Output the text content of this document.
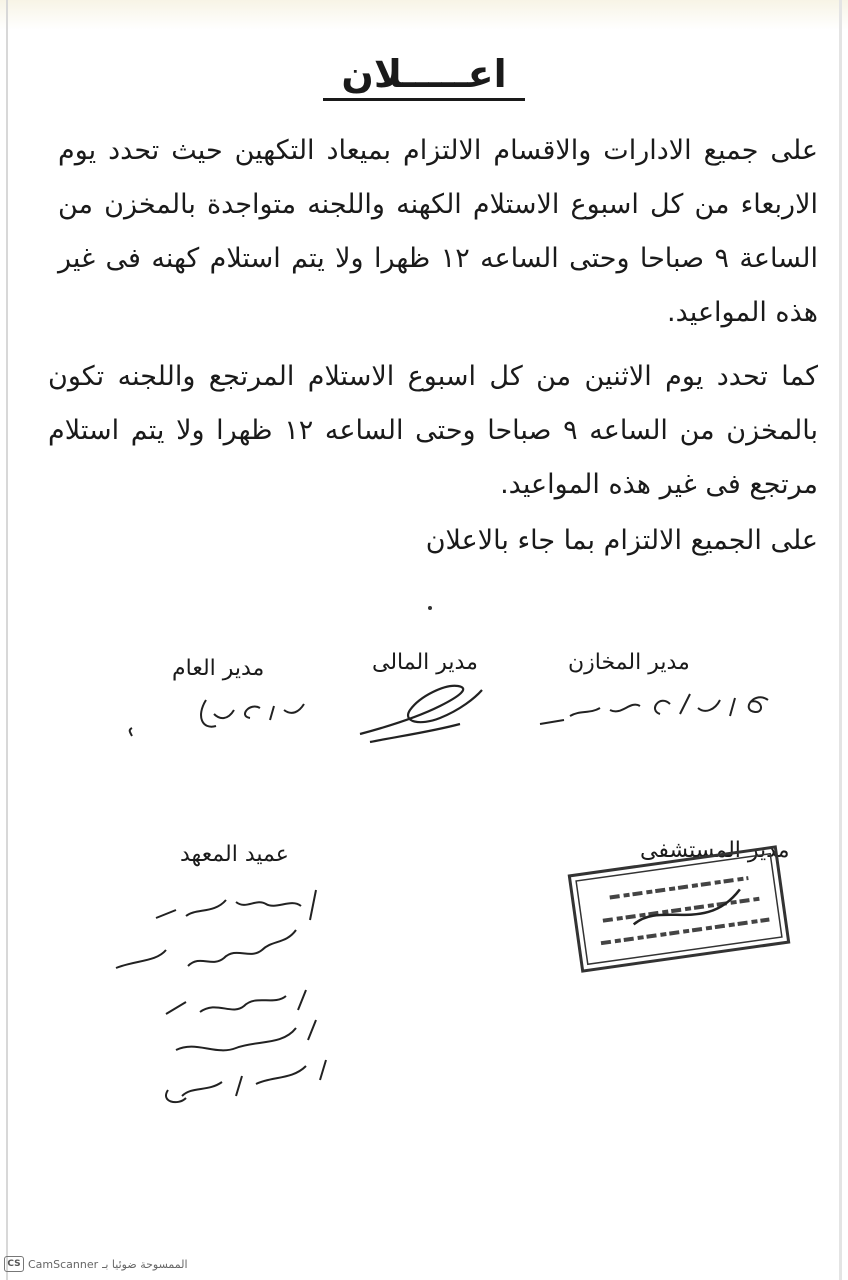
اعـــــلان
على جميع الادارات والاقسام الالتزام بميعاد التكهين حيث تحدد يوم الاربعاء من كل اسبوع الاستلام الكهنه واللجنه متواجدة بالمخزن من الساعة ٩ صباحا وحتى الساعه ١٢ ظهرا ولا يتم استلام كهنه فى غير هذه المواعيد.
كما تحدد يوم الاثنين من كل اسبوع الاستلام المرتجع واللجنه تكون بالمخزن من الساعه ٩ صباحا وحتى الساعه ١٢ ظهرا ولا يتم استلام مرتجع فى غير هذه المواعيد.
على الجميع الالتزام بما جاء بالاعلان
مدير المخازن
مدير المالى
مدير العام
مدير المستشفى
عميد المعهد
CS CamScanner الممسوحة ضوئيا بـ
